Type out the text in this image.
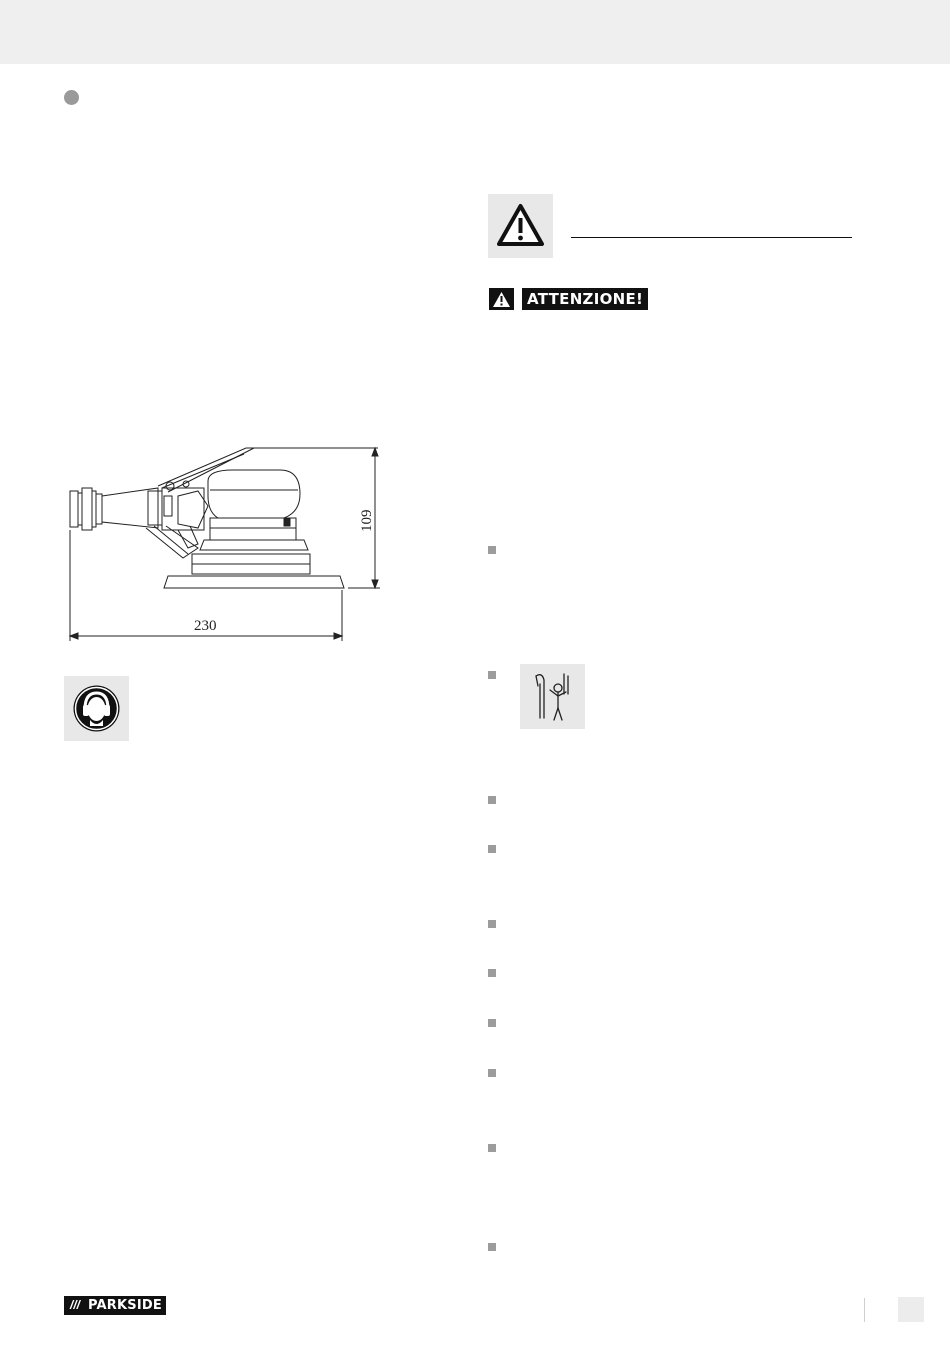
230
109
ATTENZIONE!
/// PARKSIDE
